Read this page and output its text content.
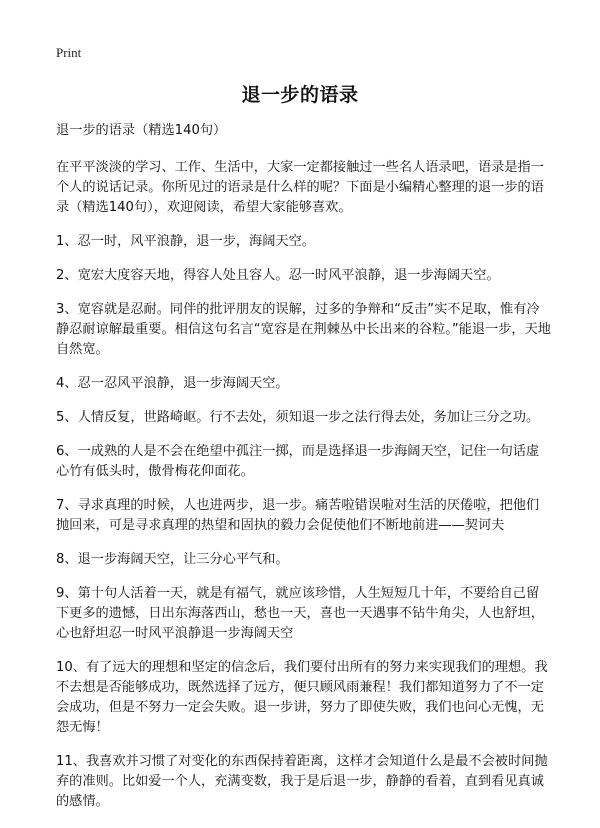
Print
退一步的语录

退一步的语录（精选140句）

在平平淡淡的学习、工作、生活中，大家一定都接触过一些名人语录吧，语录是指一个人的说话记录。你所见过的语录是什么样的呢？下面是小编精心整理的退一步的语录（精选140句），欢迎阅读，希望大家能够喜欢。

1、忍一时，风平浪静，退一步，海阔天空。

2、宽宏大度容天地，得容人处且容人。忍一时风平浪静，退一步海阔天空。

3、宽容就是忍耐。同伴的批评朋友的误解，过多的争辩和“反击”实不足取，惟有冷静忍耐谅解最重要。相信这句名言“宽容是在荆棘丛中长出来的谷粒。”能退一步，天地自然宽。

4、忍一忍风平浪静，退一步海阔天空。

5、人情反复，世路崎岖。行不去处，须知退一步之法行得去处，务加让三分之功。

6、一成熟的人是不会在绝望中孤注一掷，而是选择退一步海阔天空，记住一句话虚心竹有低头时，傲骨梅花仰面花。

7、寻求真理的时候，人也进两步，退一步。痛苦啦错误啦对生活的厌倦啦，把他们抛回来，可是寻求真理的热望和固执的毅力会促使他们不断地前进——契诃夫

8、退一步海阔天空，让三分心平气和。

9、第十句人活着一天，就是有福气，就应该珍惜，人生短短几十年，不要给自己留下更多的遗憾，日出东海落西山，愁也一天，喜也一天遇事不钻牛角尖，人也舒坦，心也舒坦忍一时风平浪静退一步海阔天空

10、有了远大的理想和坚定的信念后，我们要付出所有的努力来实现我们的理想。我不去想是否能够成功，既然选择了远方，便只顾风雨兼程！我们都知道努力了不一定会成功，但是不努力一定会失败。退一步讲，努力了即使失败，我们也问心无愧，无怨无悔！

11、我喜欢并习惯了对变化的东西保持着距离，这样才会知道什么是最不会被时间抛弃的准则。比如爱一个人，充满变数，我于是后退一步，静静的看着，直到看见真诚的感情。
